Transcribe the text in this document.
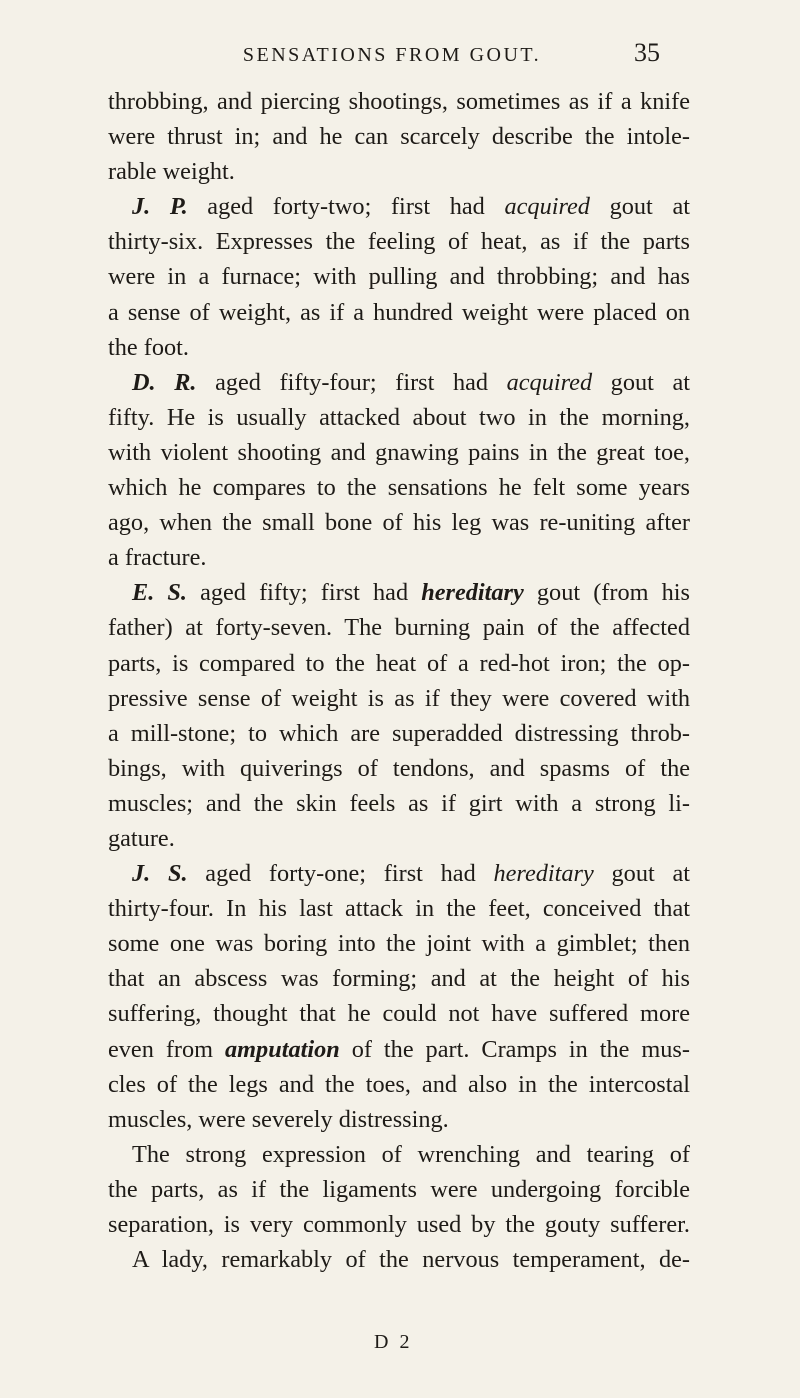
SENSATIONS FROM GOUT.	35
throbbing, and piercing shootings, sometimes as if a knife
were thrust in; and he can scarcely describe the intole-
rable weight.
J. P. aged forty-two; first had acquired gout at
thirty-six. Expresses the feeling of heat, as if the parts
were in a furnace; with pulling and throbbing; and has
a sense of weight, as if a hundred weight were placed on
the foot.
D. R. aged fifty-four; first had acquired gout at
fifty. He is usually attacked about two in the morning,
with violent shooting and gnawing pains in the great toe,
which he compares to the sensations he felt some years
ago, when the small bone of his leg was re-uniting after
a fracture.
E. S. aged fifty; first had hereditary gout (from his
father) at forty-seven. The burning pain of the affected
parts, is compared to the heat of a red-hot iron; the op-
pressive sense of weight is as if they were covered with
a mill-stone; to which are superadded distressing throb-
bings, with quiverings of tendons, and spasms of the
muscles; and the skin feels as if girt with a strong li-
gature.
J. S. aged forty-one; first had hereditary gout at
thirty-four. In his last attack in the feet, conceived that
some one was boring into the joint with a gimblet; then
that an abscess was forming; and at the height of his
suffering, thought that he could not have suffered more
even from amputation of the part. Cramps in the mus-
cles of the legs and the toes, and also in the intercostal
muscles, were severely distressing.
The strong expression of wrenching and tearing of
the parts, as if the ligaments were undergoing forcible
separation, is very commonly used by the gouty sufferer.
A lady, remarkably of the nervous temperament, de-
D 2
